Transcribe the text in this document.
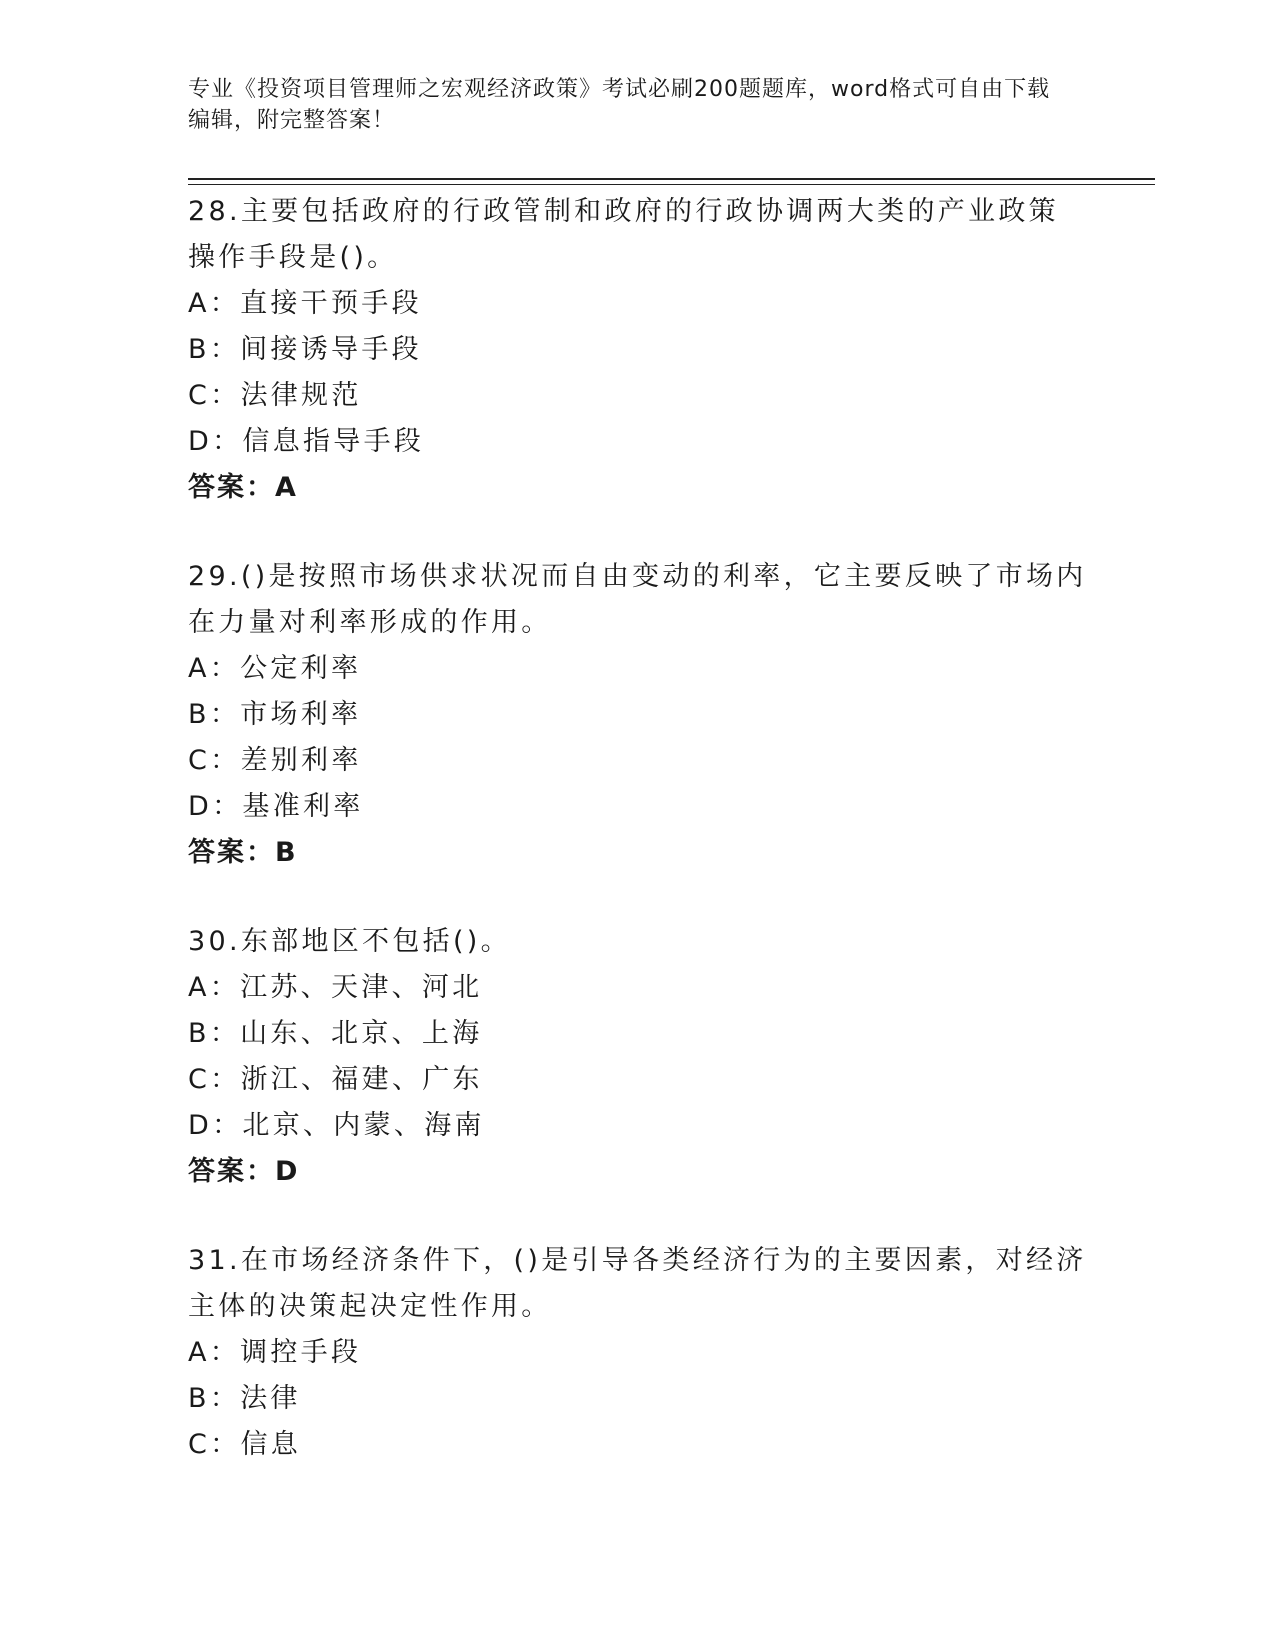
专业《投资项目管理师之宏观经济政策》考试必刷200题题库，word格式可自由下载编辑，附完整答案！

28.主要包括政府的行政管制和政府的行政协调两大类的产业政策操作手段是()。

A：直接干预手段

B：间接诱导手段

C：法律规范

D：信息指导手段

答案：A

29.()是按照市场供求状况而自由变动的利率，它主要反映了市场内在力量对利率形成的作用。

A：公定利率

B：市场利率

C：差别利率

D：基准利率

答案：B

30.东部地区不包括()。

A：江苏、天津、河北

B：山东、北京、上海

C：浙江、福建、广东

D：北京、内蒙、海南

答案：D

31.在市场经济条件下，()是引导各类经济行为的主要因素，对经济主体的决策起决定性作用。

A：调控手段

B：法律

C：信息
